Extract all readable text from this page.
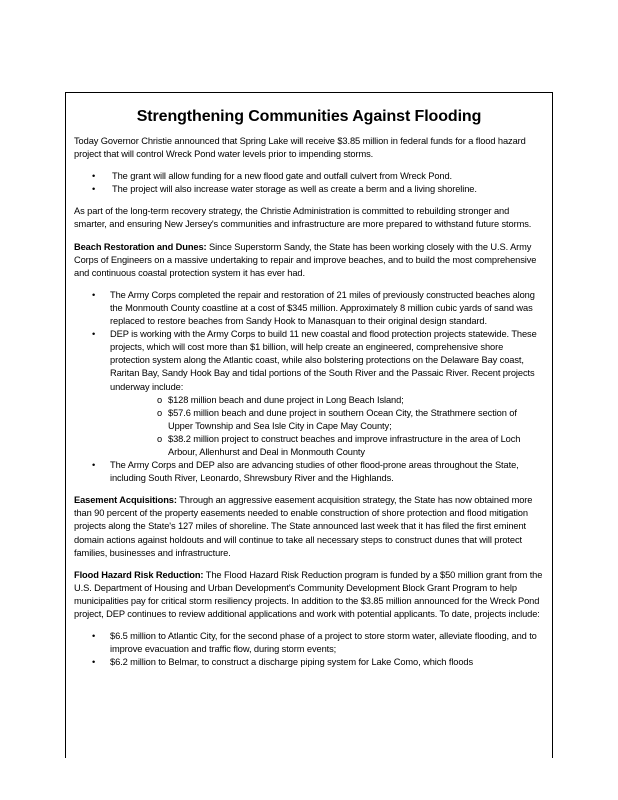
Strengthening Communities Against Flooding

Today Governor Christie announced that Spring Lake will receive $3.85 million in federal funds for a flood hazard project that will control Wreck Pond water levels prior to impending storms.

• The grant will allow funding for a new flood gate and outfall culvert from Wreck Pond.
• The project will also increase water storage as well as create a berm and a living shoreline.

As part of the long-term recovery strategy, the Christie Administration is committed to rebuilding stronger and smarter, and ensuring New Jersey's communities and infrastructure are more prepared to withstand future storms.

Beach Restoration and Dunes: Since Superstorm Sandy, the State has been working closely with the U.S. Army Corps of Engineers on a massive undertaking to repair and improve beaches, and to build the most comprehensive and continuous coastal protection system it has ever had.

• The Army Corps completed the repair and restoration of 21 miles of previously constructed beaches along the Monmouth County coastline at a cost of $345 million. Approximately 8 million cubic yards of sand was replaced to restore beaches from Sandy Hook to Manasquan to their original design standard.
• DEP is working with the Army Corps to build 11 new coastal and flood protection projects statewide. These projects, which will cost more than $1 billion, will help create an engineered, comprehensive shore protection system along the Atlantic coast, while also bolstering protections on the Delaware Bay coast, Raritan Bay, Sandy Hook Bay and tidal portions of the South River and the Passaic River. Recent projects underway include:
o $128 million beach and dune project in Long Beach Island;
o $57.6 million beach and dune project in southern Ocean City, the Strathmere section of Upper Township and Sea Isle City in Cape May County;
o $38.2 million project to construct beaches and improve infrastructure in the area of Loch Arbour, Allenhurst and Deal in Monmouth County
• The Army Corps and DEP also are advancing studies of other flood-prone areas throughout the State, including South River, Leonardo, Shrewsbury River and the Highlands.

Easement Acquisitions: Through an aggressive easement acquisition strategy, the State has now obtained more than 90 percent of the property easements needed to enable construction of shore protection and flood mitigation projects along the State's 127 miles of shoreline. The State announced last week that it has filed the first eminent domain actions against holdouts and will continue to take all necessary steps to construct dunes that will protect families, businesses and infrastructure.

Flood Hazard Risk Reduction: The Flood Hazard Risk Reduction program is funded by a $50 million grant from the U.S. Department of Housing and Urban Development's Community Development Block Grant Program to help municipalities pay for critical storm resiliency projects. In addition to the $3.85 million announced for the Wreck Pond project, DEP continues to review additional applications and work with potential applicants. To date, projects include:

• $6.5 million to Atlantic City, for the second phase of a project to store storm water, alleviate flooding, and to improve evacuation and traffic flow, during storm events;
• $6.2 million to Belmar, to construct a discharge piping system for Lake Como, which floods
